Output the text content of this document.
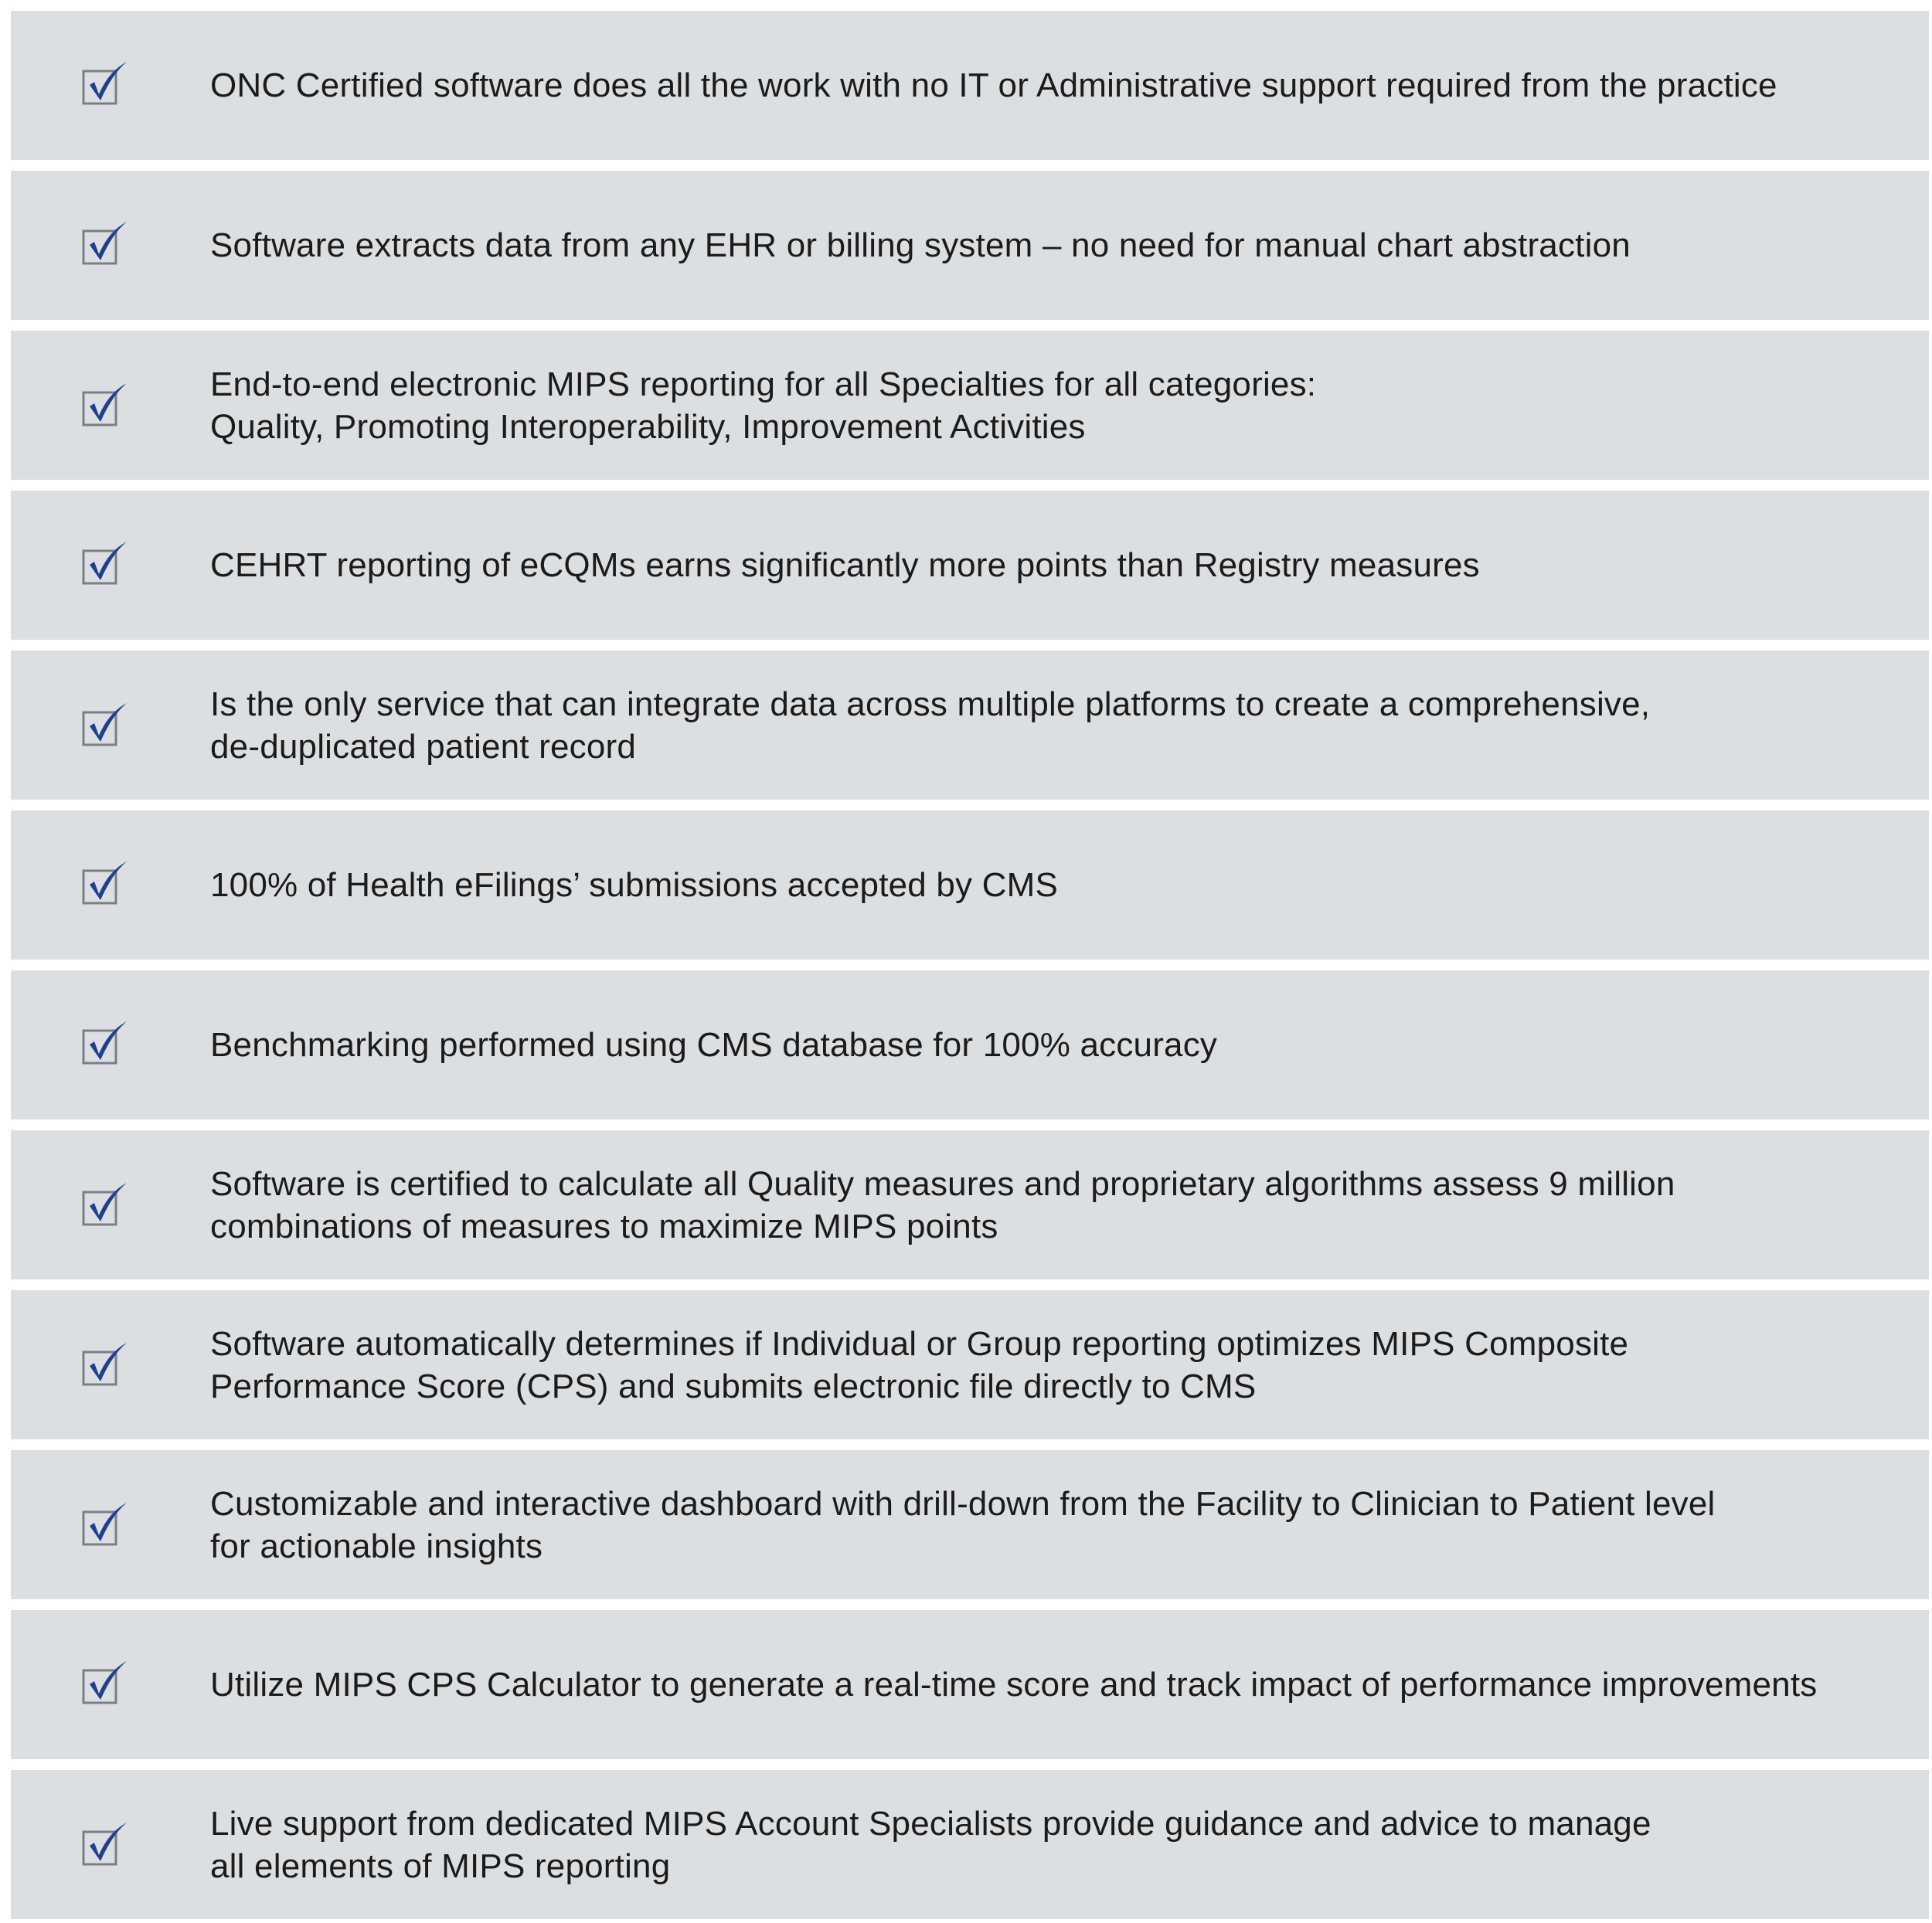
ONC Certified software does all the work with no IT or Administrative support required from the practice
Software extracts data from any EHR or billing system – no need for manual chart abstraction
End-to-end electronic MIPS reporting for all Specialties for all categories:
Quality, Promoting Interoperability, Improvement Activities
CEHRT reporting of eCQMs earns significantly more points than Registry measures
Is the only service that can integrate data across multiple platforms to create a comprehensive,
de-duplicated patient record
100% of Health eFilings’ submissions accepted by CMS
Benchmarking performed using CMS database for 100% accuracy
Software is certified to calculate all Quality measures and proprietary algorithms assess 9 million
combinations of measures to maximize MIPS points
Software automatically determines if Individual or Group reporting optimizes MIPS Composite
Performance Score (CPS) and submits electronic file directly to CMS
Customizable and interactive dashboard with drill-down from the Facility to Clinician to Patient level
for actionable insights
Utilize MIPS CPS Calculator to generate a real-time score and track impact of performance improvements
Live support from dedicated MIPS Account Specialists provide guidance and advice to manage
all elements of MIPS reporting
